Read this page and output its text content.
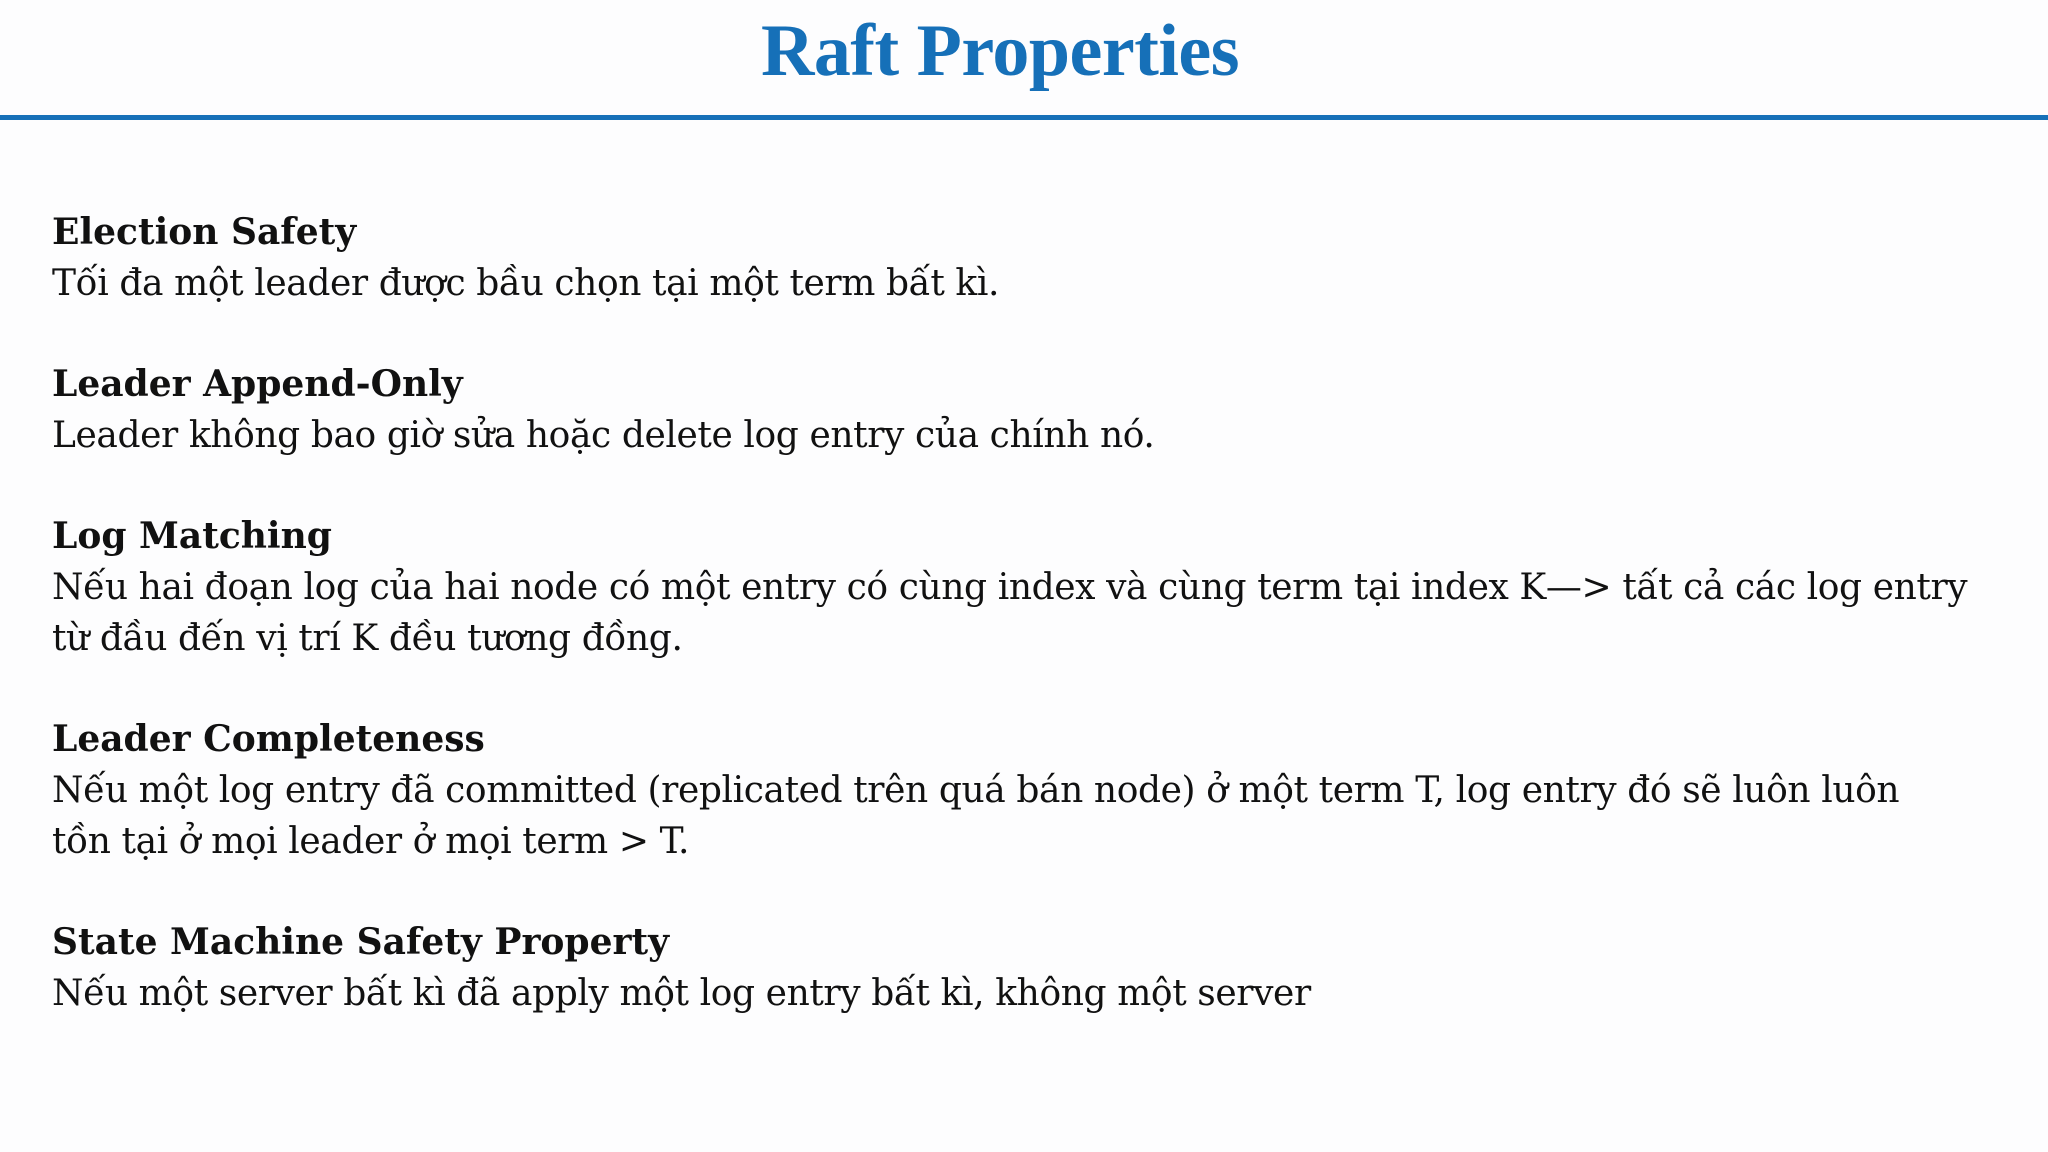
Raft Properties

Election Safety

Tối đa một leader được bầu chọn tại một term bất kì.

Leader Append-Only

Leader không bao giờ sửa hoặc delete log entry của chính nó.

Log Matching

Nếu hai đoạn log của hai node có một entry có cùng index và cùng term tại index K—> tất cả các log entry

từ đầu đến vị trí K đều tương đồng.

Leader Completeness

Nếu một log entry đã committed (replicated trên quá bán node) ở một term T, log entry đó sẽ luôn luôn

tồn tại ở mọi leader ở mọi term > T.

State Machine Safety Property

Nếu một server bất kì đã apply một log entry bất kì, không một server
